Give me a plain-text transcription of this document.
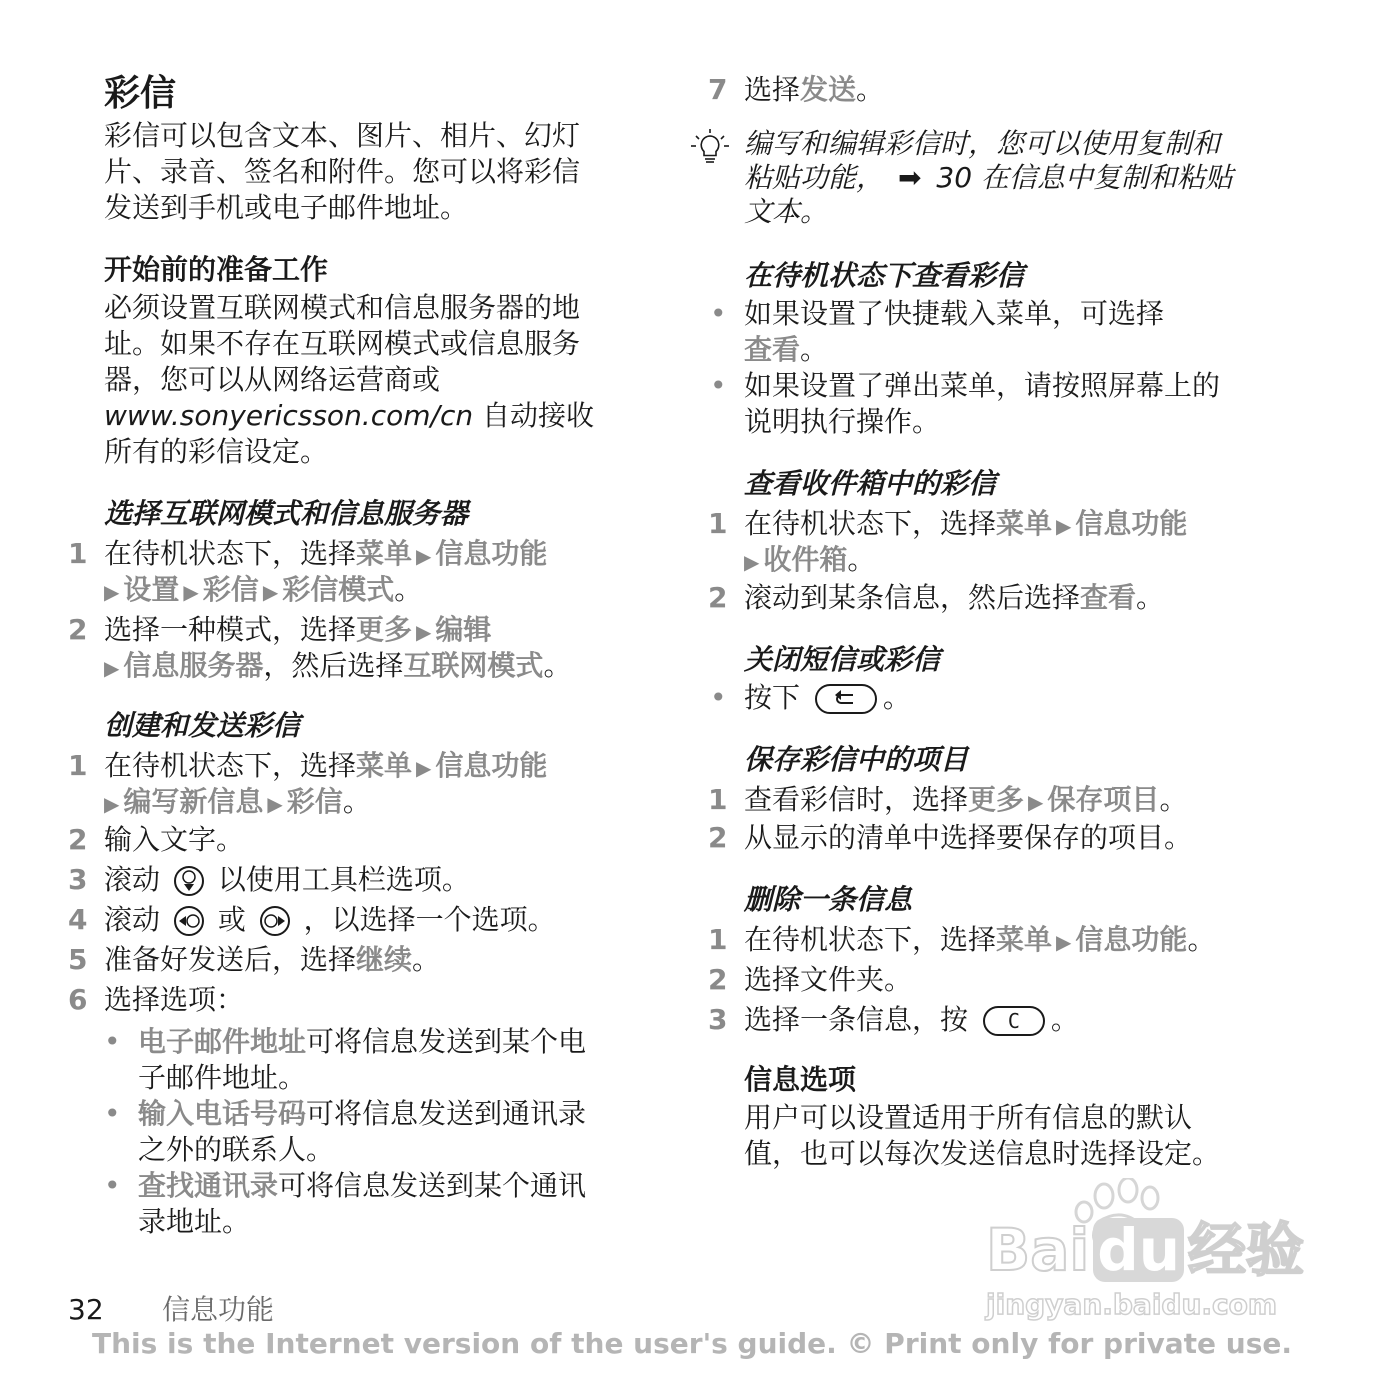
彩信
彩信可以包含文本、图片、相片、幻灯
片、录音、签名和附件。您可以将彩信
发送到手机或电子邮件地址。
开始前的准备工作
必须设置互联网模式和信息服务器的地
址。如果不存在互联网模式或信息服务
器，您可以从网络运营商或
www.sonyericsson.com/cn 自动接收
所有的彩信设定。
选择互联网模式和信息服务器
1 在待机状态下，选择菜单 ▶ 信息功能
▶ 设置 ▶ 彩信 ▶ 彩信模式。
2 选择一种模式，选择更多 ▶ 编辑
▶ 信息服务器，然后选择互联网模式。
创建和发送彩信
1 在待机状态下，选择菜单 ▶ 信息功能
▶ 编写新信息 ▶ 彩信。
2 输入文字。
3 滚动 以使用工具栏选项。
4 滚动 或 ，以选择一个选项。
5 准备好发送后，选择继续。
6 选择选项：
• 电子邮件地址可将信息发送到某个电
子邮件地址。
• 输入电话号码可将信息发送到通讯录
之外的联系人。
• 查找通讯录可将信息发送到某个通讯
录地址。
7 选择发送。
编写和编辑彩信时，您可以使用复制和
粘贴功能， ➡ 30 在信息中复制和粘贴
文本。
在待机状态下查看彩信
• 如果设置了快捷载入菜单，可选择
查看。
• 如果设置了弹出菜单，请按照屏幕上的
说明执行操作。
查看收件箱中的彩信
1 在待机状态下，选择菜单 ▶ 信息功能
▶ 收件箱。
2 滚动到某条信息，然后选择查看。
关闭短信或彩信
• 按下	。
保存彩信中的项目
1 查看彩信时，选择更多 ▶ 保存项目。
2 从显示的清单中选择要保存的项目。
删除一条信息
1 在待机状态下，选择菜单 ▶ 信息功能。
2 选择文件夹。
3 选择一条信息，按 C 。
信息选项
用户可以设置适用于所有信息的默认
值，也可以每次发送信息时选择设定。
Bai du 经验
jingyan.baidu.com
32 信息功能
This is the Internet version of the user's guide. © Print only for private use.
